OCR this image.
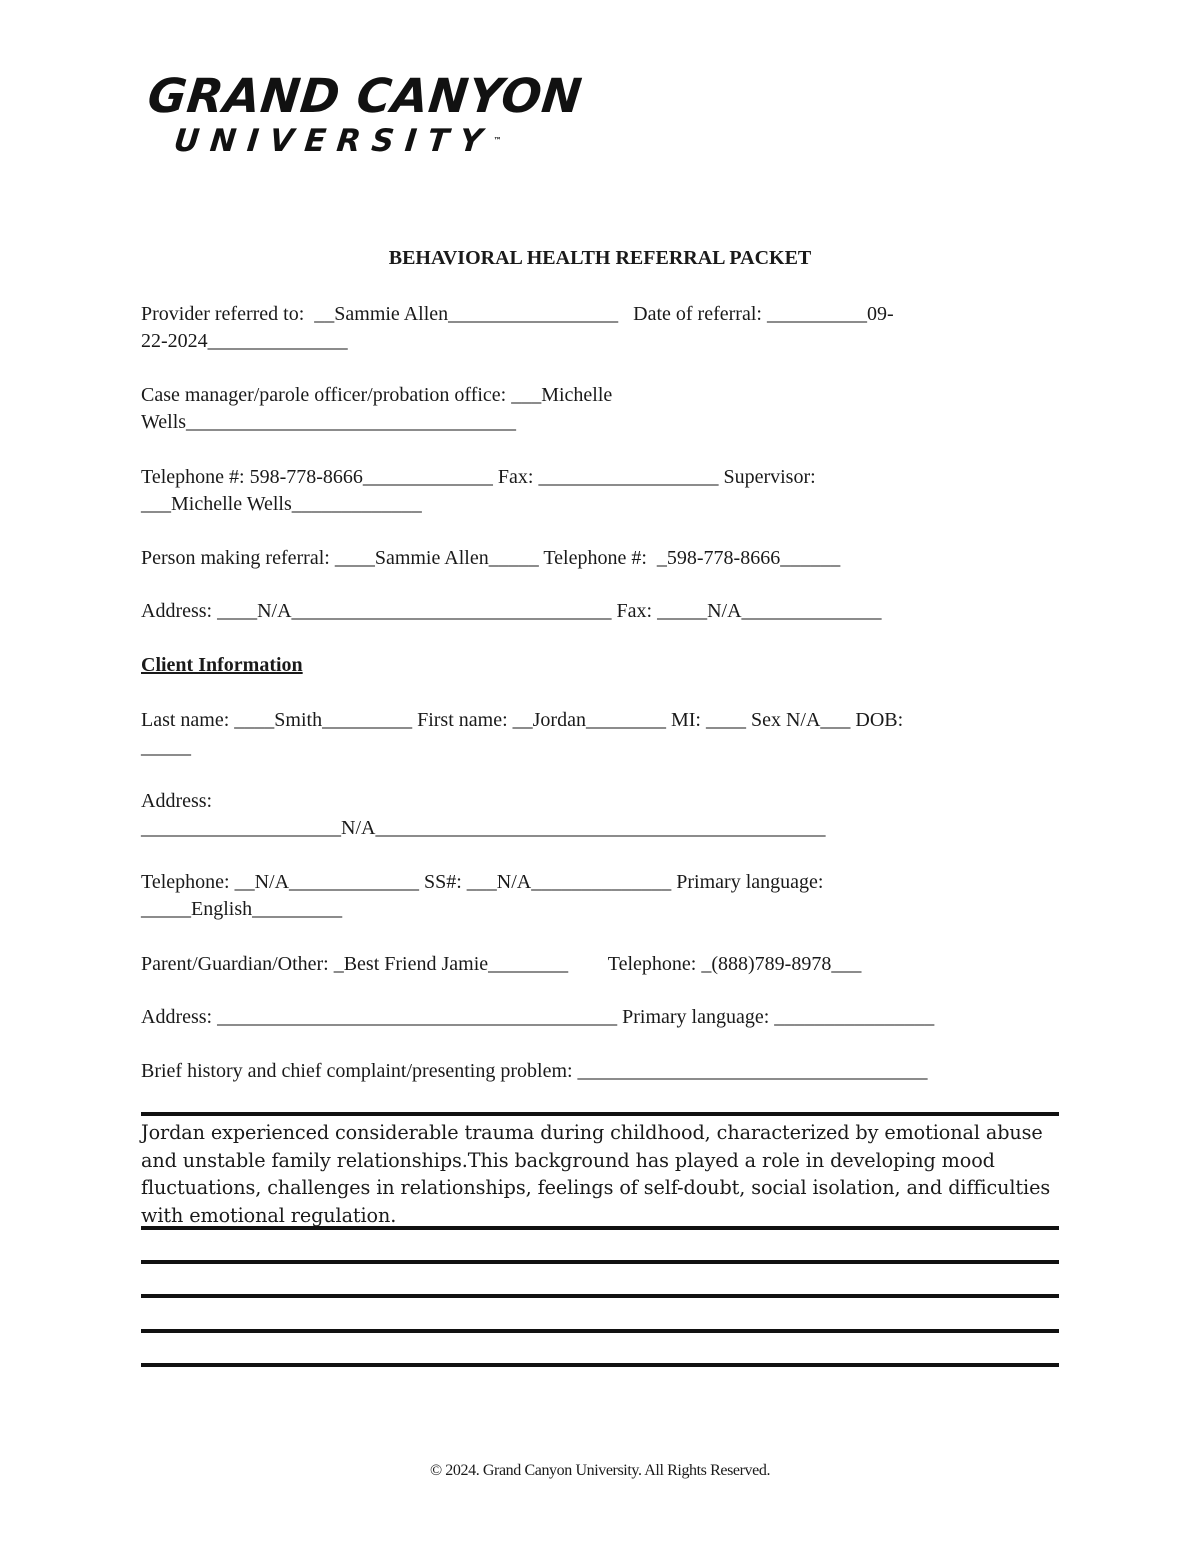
GRAND CANYON
UNIVERSITY™
BEHAVIORAL HEALTH REFERRAL PACKET
Provider referred to:  __Sammie Allen_________________   Date of referral: __________09-
22-2024______________
Case manager/parole officer/probation office: ___Michelle
Wells_________________________________
Telephone #: 598-778-8666_____________ Fax: __________________ Supervisor:
___Michelle Wells_____________
Person making referral: ____Sammie Allen_____ Telephone #:  _598-778-8666______
Address: ____N/A________________________________ Fax: _____N/A______________
Client Information
Last name: ____Smith_________ First name: __Jordan________ MI: ____ Sex N/A___ DOB:
_____
Address:
____________________N/A_____________________________________________
Telephone: __N/A_____________ SS#: ___N/A______________ Primary language:
_____English_________
Parent/Guardian/Other: _Best Friend Jamie________        Telephone: _(888)789-8978___
Address: ________________________________________ Primary language: ________________
Brief history and chief complaint/presenting problem: ___________________________________
Jordan experienced considerable trauma during childhood, characterized by emotional abuse and unstable family relationships.This background has played a role in developing mood fluctuations, challenges in relationships, feelings of self-doubt, social isolation, and difficulties with emotional regulation.
© 2024. Grand Canyon University. All Rights Reserved.
